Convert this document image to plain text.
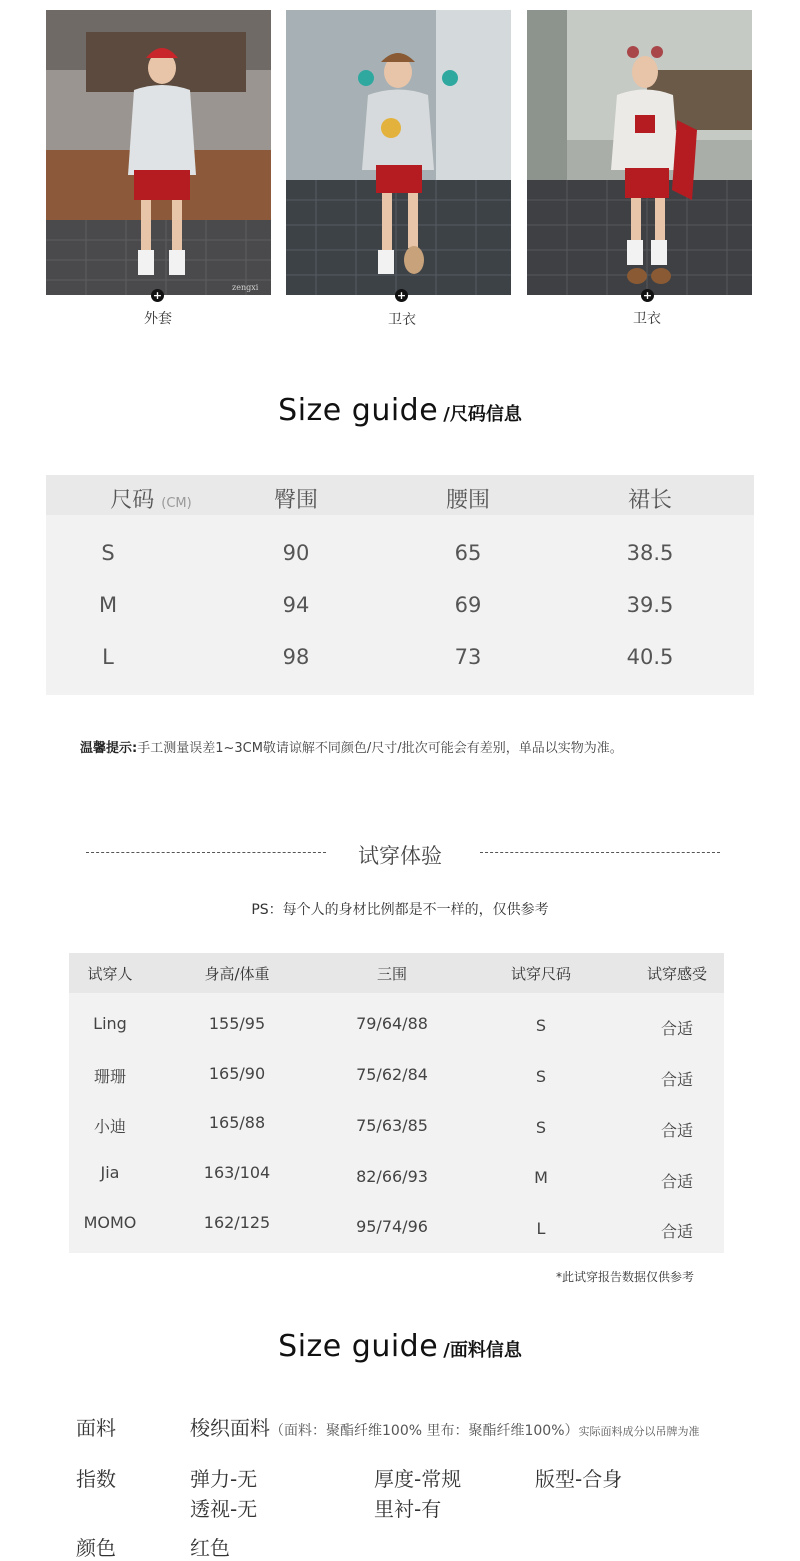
zengxi
+
外套
+
卫衣
+
卫衣
Size guide /尺码信息
尺码 (CM)	臀围	腰围	裙长
S	90	65	38.5
M	94	69	39.5
L	98	73	40.5
温馨提示:手工测量误差1~3CM敬请谅解不同颜色/尺寸/批次可能会有差别，单品以实物为准。
试穿体验
PS：每个人的身材比例都是不一样的，仅供参考
试穿人	身高/体重	三围	试穿尺码	试穿感受
Ling	155/95	79/64/88	S	合适
珊珊	165/90	75/62/84	S	合适
小迪	165/88	75/63/85	S	合适
Jia	163/104	82/66/93	M	合适
MOMO	162/125	95/74/96	L	合适
*此试穿报告数据仅供参考
Size guide /面料信息
面料	梭织面料（面料：聚酯纤维100% 里布：聚酯纤维100%）实际面料成分以吊牌为准
指数	弹力-无	厚度-常规	版型-合身
透视-无	里衬-有
颜色	红色
